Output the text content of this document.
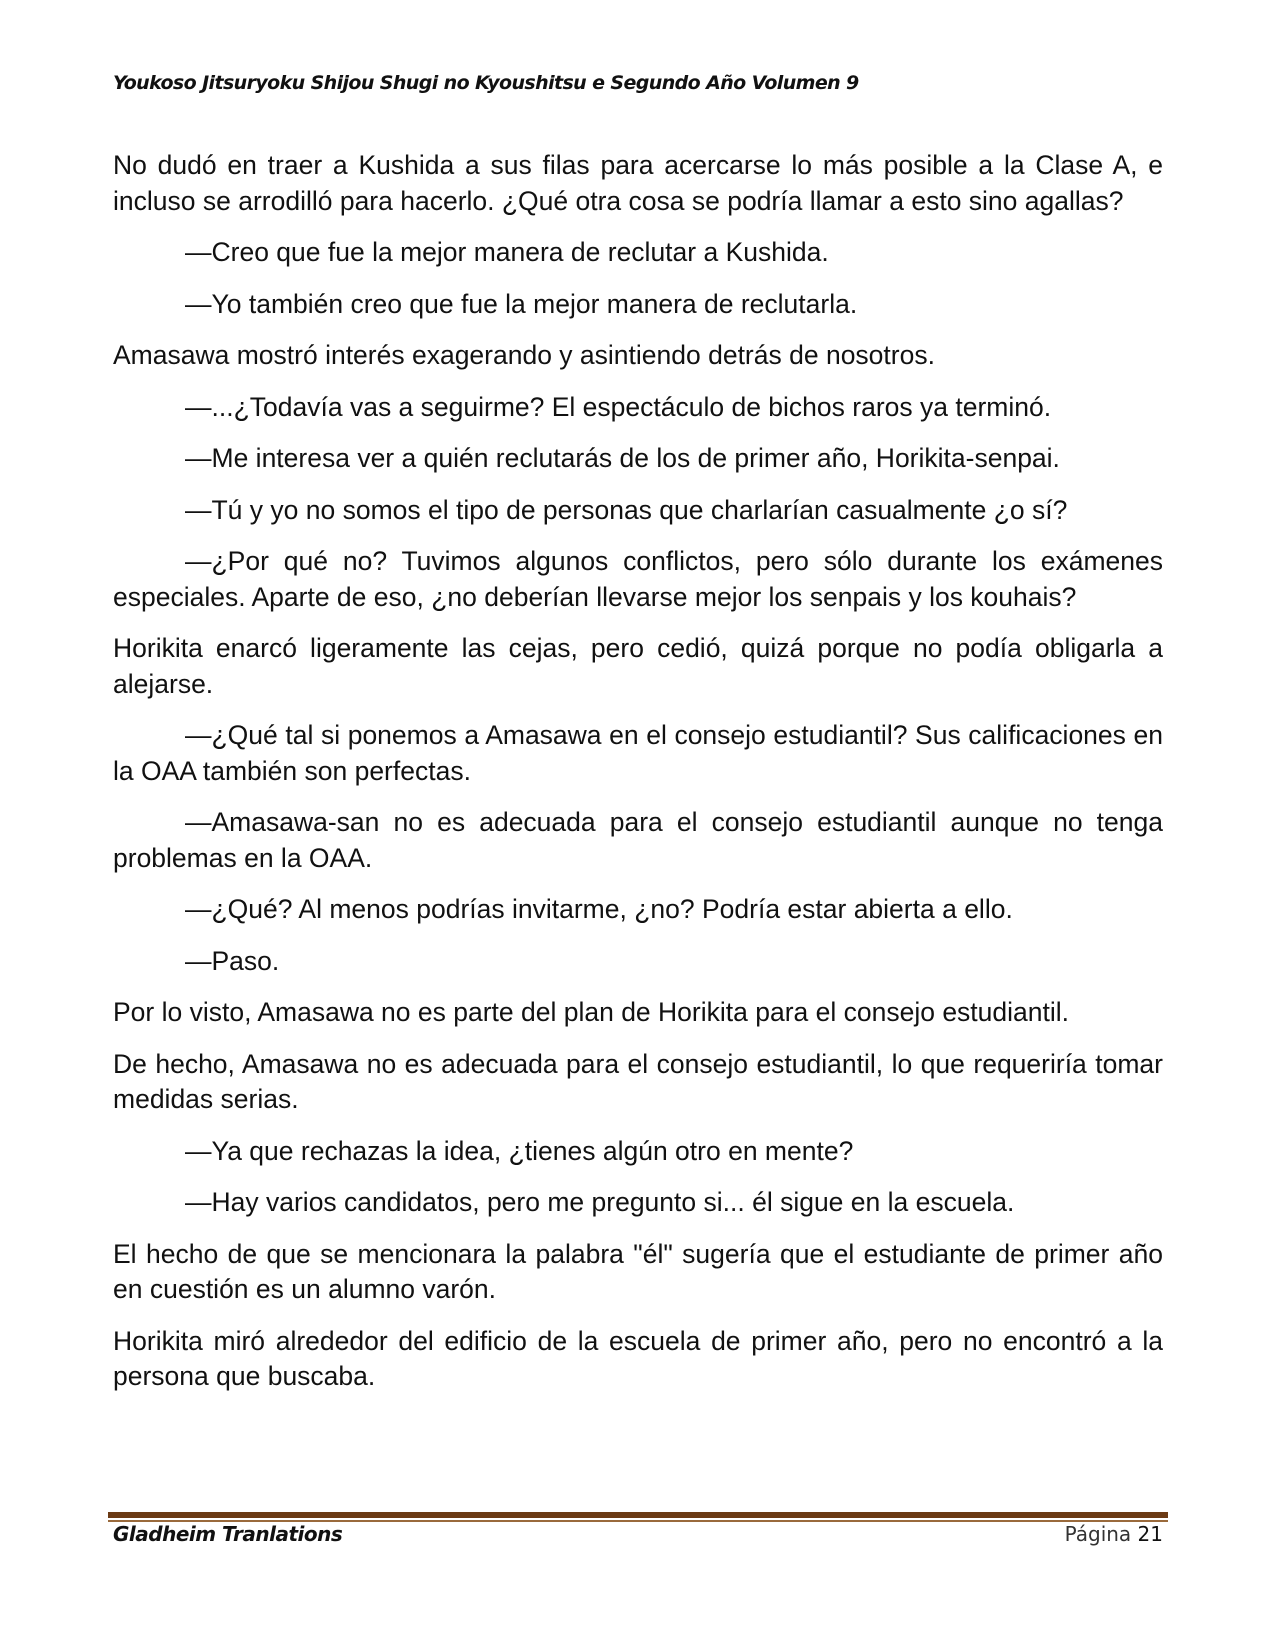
Youkoso Jitsuryoku Shijou Shugi no Kyoushitsu e Segundo Año Volumen 9

No dudó en traer a Kushida a sus filas para acercarse lo más posible a la Clase A, e incluso se arrodilló para hacerlo. ¿Qué otra cosa se podría llamar a esto sino agallas?

—Creo que fue la mejor manera de reclutar a Kushida.

—Yo también creo que fue la mejor manera de reclutarla.

Amasawa mostró interés exagerando y asintiendo detrás de nosotros.

—...¿Todavía vas a seguirme? El espectáculo de bichos raros ya terminó.

—Me interesa ver a quién reclutarás de los de primer año, Horikita-senpai.

—Tú y yo no somos el tipo de personas que charlarían casualmente ¿o sí?

—¿Por qué no? Tuvimos algunos conflictos, pero sólo durante los exámenes especiales. Aparte de eso, ¿no deberían llevarse mejor los senpais y los kouhais?

Horikita enarcó ligeramente las cejas, pero cedió, quizá porque no podía obligarla a alejarse.

—¿Qué tal si ponemos a Amasawa en el consejo estudiantil? Sus calificaciones en la OAA también son perfectas.

—Amasawa-san no es adecuada para el consejo estudiantil aunque no tenga problemas en la OAA.

—¿Qué? Al menos podrías invitarme, ¿no? Podría estar abierta a ello.

—Paso.

Por lo visto, Amasawa no es parte del plan de Horikita para el consejo estudiantil.

De hecho, Amasawa no es adecuada para el consejo estudiantil, lo que requeriría tomar medidas serias.

—Ya que rechazas la idea, ¿tienes algún otro en mente?

—Hay varios candidatos, pero me pregunto si... él sigue en la escuela.

El hecho de que se mencionara la palabra "él" sugería que el estudiante de primer año en cuestión es un alumno varón.

Horikita miró alrededor del edificio de la escuela de primer año, pero no encontró a la persona que buscaba.

Gladheim Tranlations	Página 21
